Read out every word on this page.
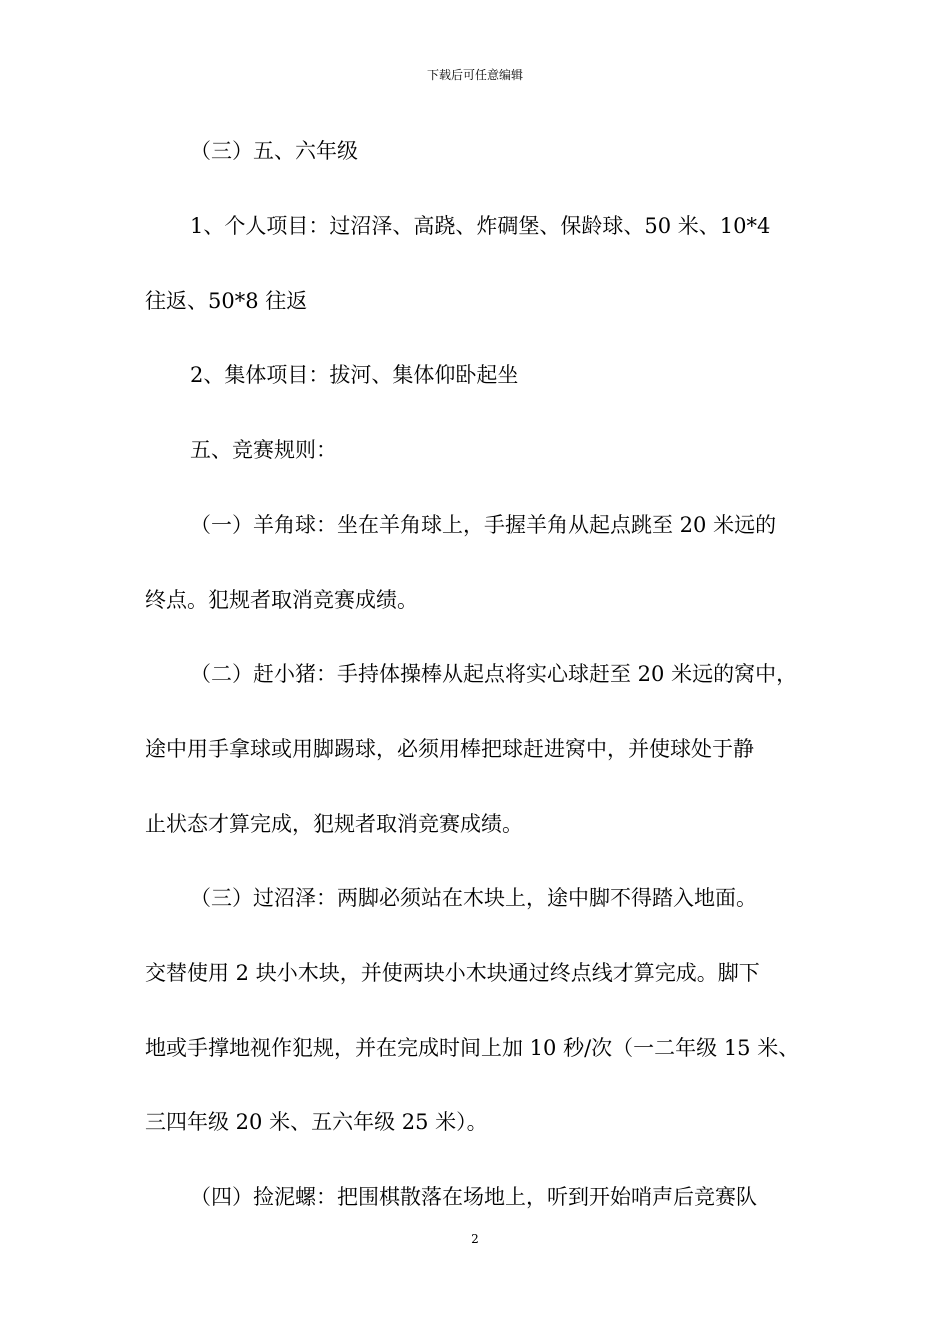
下载后可任意编辑
（三）五、六年级
1、个人项目：过沼泽、高跷、炸碉堡、保龄球、50 米、10*4
往返、50*8 往返
2、集体项目：拔河、集体仰卧起坐
五、竞赛规则：
（一）羊角球：坐在羊角球上，手握羊角从起点跳至 20 米远的
终点。犯规者取消竞赛成绩。
（二）赶小猪：手持体操棒从起点将实心球赶至 20 米远的窝中，
途中用手拿球或用脚踢球，必须用棒把球赶进窝中，并使球处于静
止状态才算完成，犯规者取消竞赛成绩。
（三）过沼泽：两脚必须站在木块上，途中脚不得踏入地面。
交替使用 2 块小木块，并使两块小木块通过终点线才算完成。脚下
地或手撑地视作犯规，并在完成时间上加 10 秒/次（一二年级 15 米、
三四年级 20 米、五六年级 25 米）。
（四）捡泥螺：把围棋散落在场地上，听到开始哨声后竞赛队
2
